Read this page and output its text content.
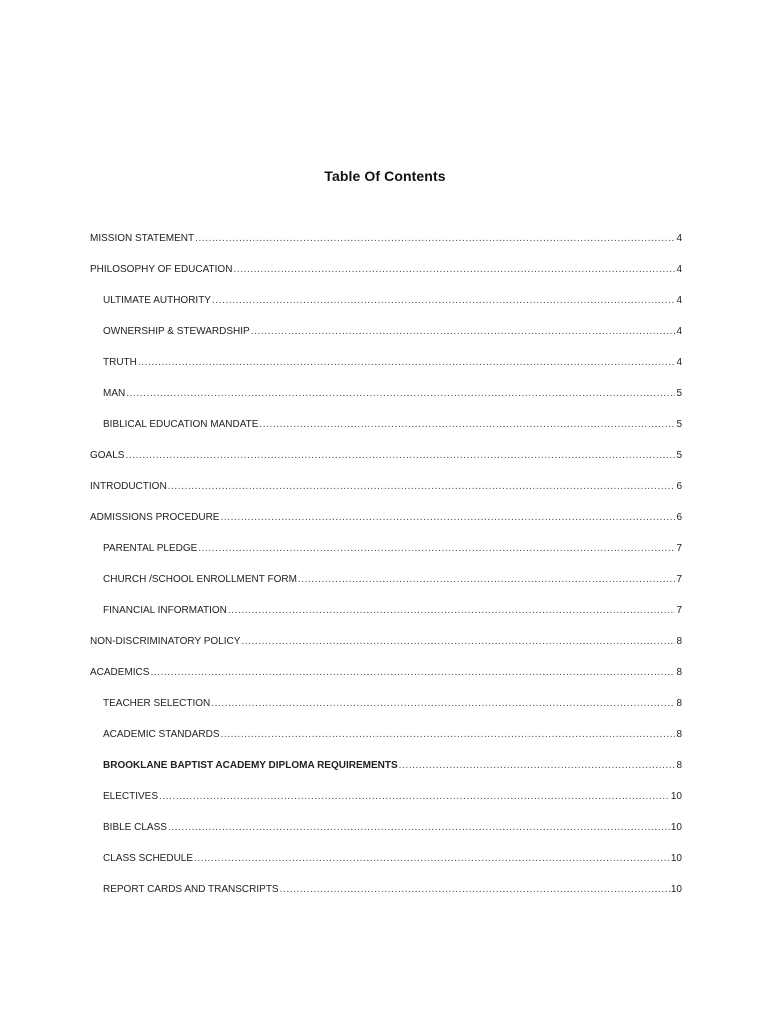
Table Of Contents
MISSION STATEMENT .....	4
PHILOSOPHY OF EDUCATION .....	4
ULTIMATE AUTHORITY .....	4
OWNERSHIP & STEWARDSHIP .....	4
TRUTH .....	4
MAN .....	5
BIBLICAL EDUCATION MANDATE .....	5
GOALS .....	5
INTRODUCTION .....	6
ADMISSIONS PROCEDURE .....	6
PARENTAL PLEDGE .....	7
CHURCH /SCHOOL ENROLLMENT FORM .....	7
FINANCIAL INFORMATION .....	7
NON-DISCRIMINATORY POLICY .....	8
ACADEMICS .....	8
TEACHER SELECTION .....	8
ACADEMIC STANDARDS .....	8
BROOKLANE BAPTIST ACADEMY DIPLOMA REQUIREMENTS .....	8
ELECTIVES .....	10
BIBLE CLASS .....	10
CLASS SCHEDULE .....	10
REPORT CARDS AND TRANSCRIPTS .....	10
